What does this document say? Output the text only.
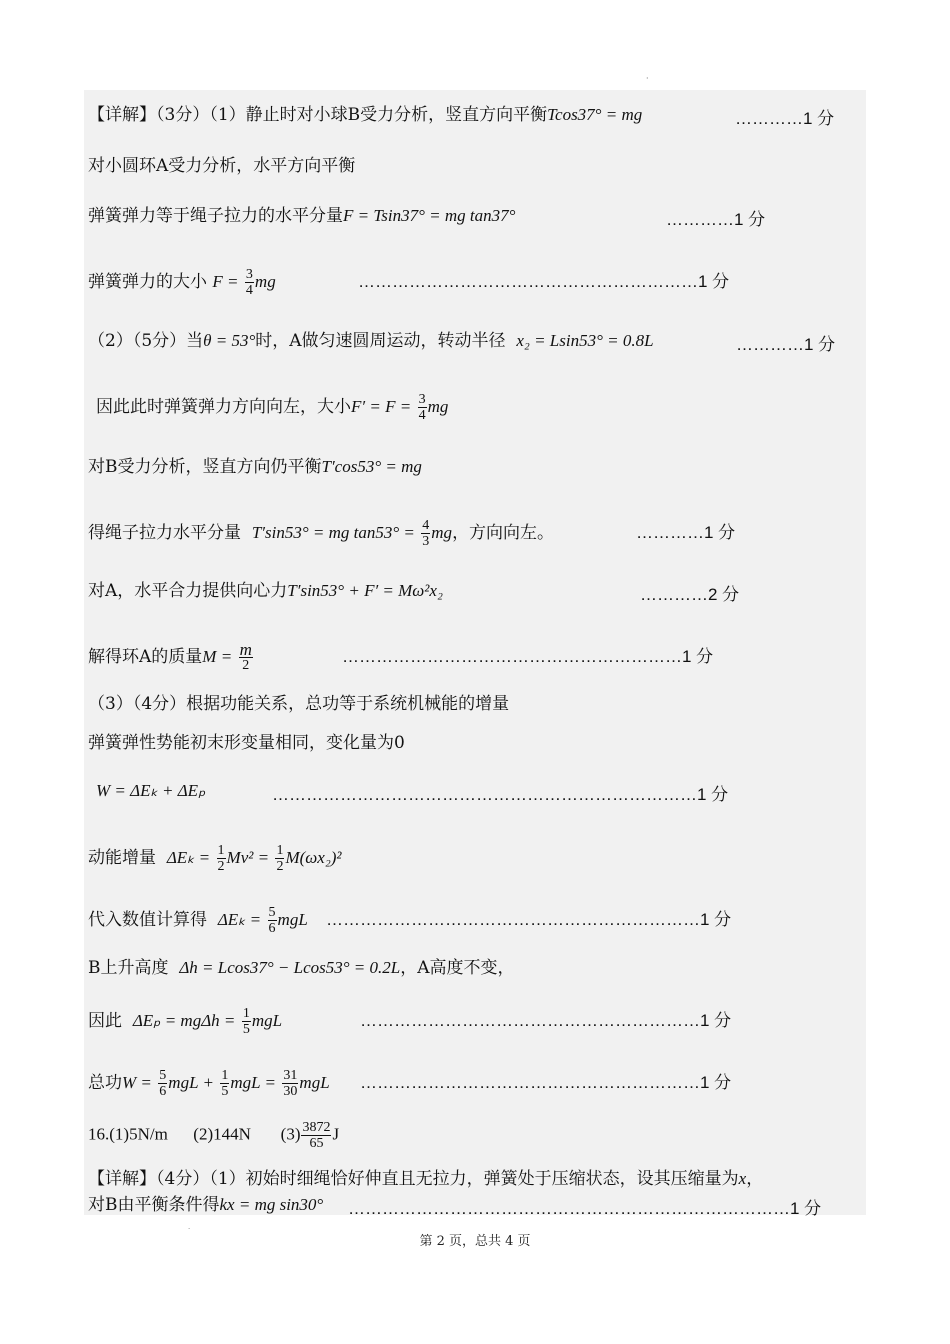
·
【详解】（3分）（1）静止时对小球B受力分析，竖直方向平衡Tcos37° = mg	…………1 分
对小圆环A受力分析，水平方向平衡
弹簧弹力等于绳子拉力的水平分量F = Tsin37° = mg tan37°	…………1 分
弹簧弹力的大小 $F = \frac{3}{4}$ mg	……………………………………………………1 分
（2）（5分）当θ = 53°时，A做匀速圆周运动，转动半径 x₂ = Lsin53° = 0.8L	…………1 分
因此此时弹簧弹力方向向左，大小$F' = F = \frac{3}{4}$ mg
对B受力分析，竖直方向仍平衡T′cos53° = mg
得绳子拉力水平分量 T′sin53° = mg $\tan 53^\circ = \frac{4}{3}$ mg，方向向左。	…………1 分
对A，水平合力提供向心力T′sin53° + F′ = Mω²x₂	…………2 分
解得环A的质量$M = \frac{m}{2}$	……………………………………………………1 分
（3）（4分）根据功能关系，总功等于系统机械能的增量
弹簧弹性势能初末形变量相同，变化量为0
W = ΔEₖ + ΔEₚ	…………………………………………………………………1 分
动能增量 $\Delta E_k = \frac{1}{2} Mv^2 = \frac{1}{2} M(\omega x_2)^2$
代入数值计算得 $\Delta E_k = \frac{5}{6}$ mgL	…………………………………………………………1 分
B上升高度 Δh = Lcos37° − Lcos53° = 0.2L，A高度不变，
因此 $\Delta E_p = mg\Delta h = \frac{1}{5}$ mgL	……………………………………………………1 分
总功$W = \frac{5}{6}$ mgL + $\frac{1}{5}$ mgL = $\frac{31}{30}$ mgL	……………………………………………………1 分
16.(1)5N/m (2)144N $(3) \frac{3872}{65}$ J
【详解】（4分）（1）初始时细绳恰好伸直且无拉力，弹簧处于压缩状态，设其压缩量为x，
对B由平衡条件得kx = mg sin30°	……………………………………………………………………1 分
·
第 2 页，总共 4 页
